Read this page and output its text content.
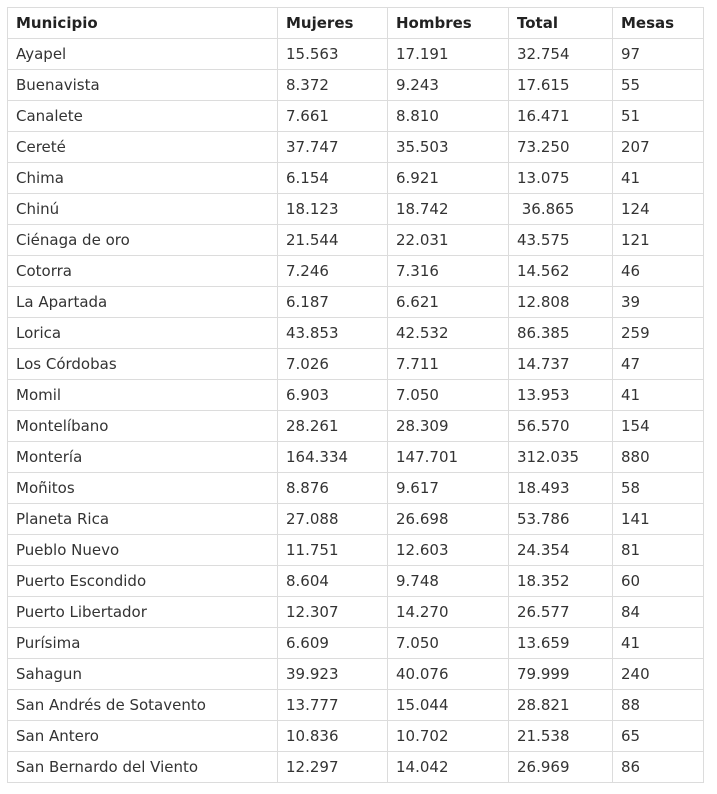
Municipio	Mujeres	Hombres	Total	Mesas
Ayapel	15.563	17.191	32.754	97
Buenavista	8.372	9.243	17.615	55
Canalete	7.661	8.810	16.471	51
Cereté	37.747	35.503	73.250	207
Chima	6.154	6.921	13.075	41
Chinú	18.123	18.742	36.865	124
Ciénaga de oro	21.544	22.031	43.575	121
Cotorra	7.246	7.316	14.562	46
La Apartada	6.187	6.621	12.808	39
Lorica	43.853	42.532	86.385	259
Los Córdobas	7.026	7.711	14.737	47
Momil	6.903	7.050	13.953	41
Montelíbano	28.261	28.309	56.570	154
Montería	164.334	147.701	312.035	880
Moñitos	8.876	9.617	18.493	58
Planeta Rica	27.088	26.698	53.786	141
Pueblo Nuevo	11.751	12.603	24.354	81
Puerto Escondido	8.604	9.748	18.352	60
Puerto Libertador	12.307	14.270	26.577	84
Purísima	6.609	7.050	13.659	41
Sahagun	39.923	40.076	79.999	240
San Andrés de Sotavento	13.777	15.044	28.821	88
San Antero	10.836	10.702	21.538	65
San Bernardo del Viento	12.297	14.042	26.969	86
